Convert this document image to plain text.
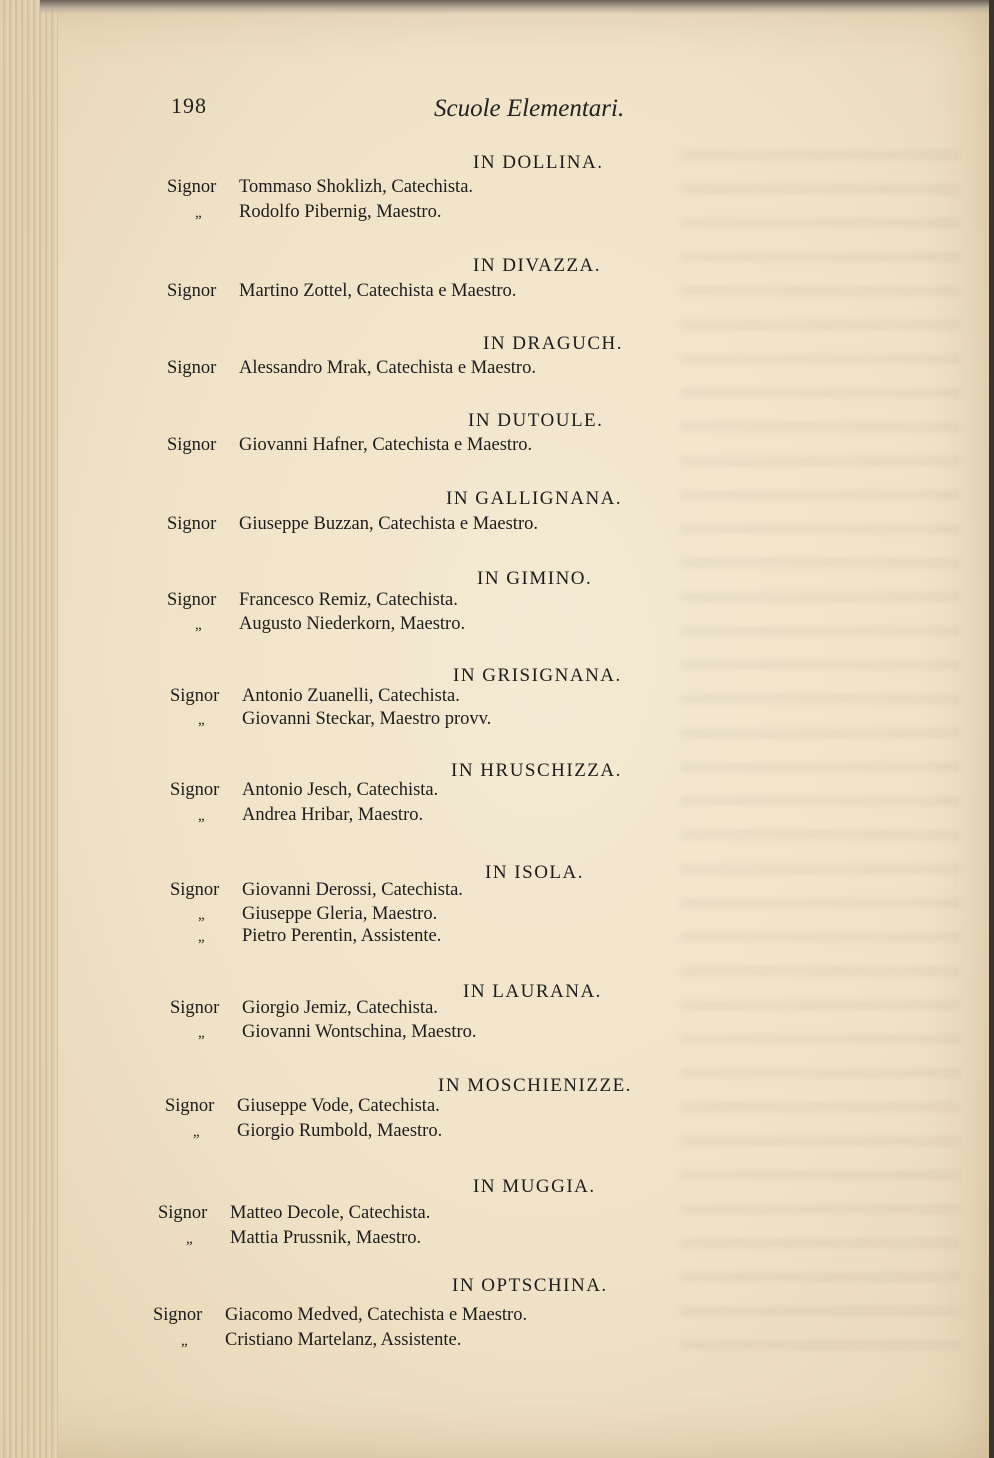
198	Scuole Elementari.
IN DOLLINA.
Signor Tommaso Shoklizh, Catechista.
„ Rodolfo Pibernig, Maestro.
IN DIVAZZA.
Signor Martino Zottel, Catechista e Maestro.
IN DRAGUCH.
Signor Alessandro Mrak, Catechista e Maestro.
IN DUTOULE.
Signor Giovanni Hafner, Catechista e Maestro.
IN GALLIGNANA.
Signor Giuseppe Buzzan, Catechista e Maestro.
IN GIMINO.
Signor Francesco Remiz, Catechista.
„ Augusto Niederkorn, Maestro.
IN GRISIGNANA.
Signor Antonio Zuanelli, Catechista.
„ Giovanni Steckar, Maestro provv.
IN HRUSCHIZZA.
Signor Antonio Jesch, Catechista.
„ Andrea Hribar, Maestro.
IN ISOLA.
Signor Giovanni Derossi, Catechista.
„ Giuseppe Gleria, Maestro.
„ Pietro Perentin, Assistente.
IN LAURANA.
Signor Giorgio Jemiz, Catechista.
„ Giovanni Wontschina, Maestro.
IN MOSCHIENIZZE.
Signor Giuseppe Vode, Catechista.
„ Giorgio Rumbold, Maestro.
IN MUGGIA.
Signor Matteo Decole, Catechista.
„ Mattia Prussnik, Maestro.
IN OPTSCHINA.
Signor Giacomo Medved, Catechista e Maestro.
„ Cristiano Martelanz, Assistente.
